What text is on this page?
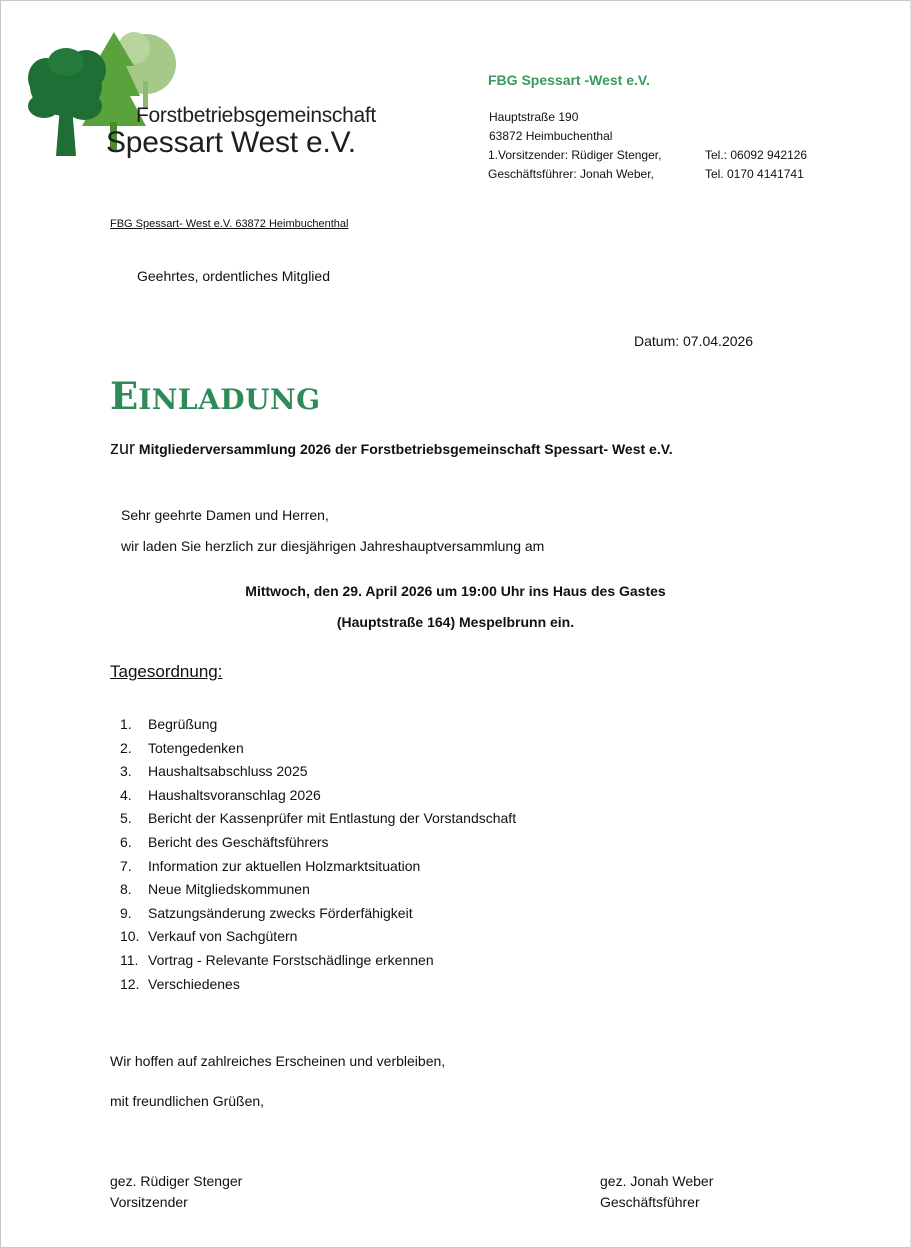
Forstbetriebsgemeinschaft
Spessart West e.V.
FBG Spessart -West e.V.
Hauptstraße 190
63872 Heimbuchenthal
1.Vorsitzender: Rüdiger Stenger,	Tel.: 06092 942126
Geschäftsführer: Jonah Weber,	Tel. 0170 4141741
FBG Spessart- West e.V. 63872 Heimbuchenthal
Geehrtes, ordentliches Mitglied
Datum: 07.04.2026
EINLADUNG
zur Mitgliederversammlung 2026 der Forstbetriebsgemeinschaft Spessart- West e.V.
Sehr geehrte Damen und Herren,
wir laden Sie herzlich zur diesjährigen Jahreshauptversammlung am
Mittwoch, den 29. April 2026 um 19:00 Uhr ins Haus des Gastes
(Hauptstraße 164) Mespelbrunn ein.
Tagesordnung:
1.	Begrüßung
2.	Totengedenken
3.	Haushaltsabschluss 2025
4.	Haushaltsvoranschlag 2026
5.	Bericht der Kassenprüfer mit Entlastung der Vorstandschaft
6.	Bericht des Geschäftsführers
7.	Information zur aktuellen Holzmarktsituation
8.	Neue Mitgliedskommunen
9.	Satzungsänderung zwecks Förderfähigkeit
10. Verkauf von Sachgütern
11. Vortrag - Relevante Forstschädlinge erkennen
12. Verschiedenes
Wir hoffen auf zahlreiches Erscheinen und verbleiben,
mit freundlichen Grüßen,
gez. Rüdiger Stenger
Vorsitzender
gez. Jonah Weber
Geschäftsführer
